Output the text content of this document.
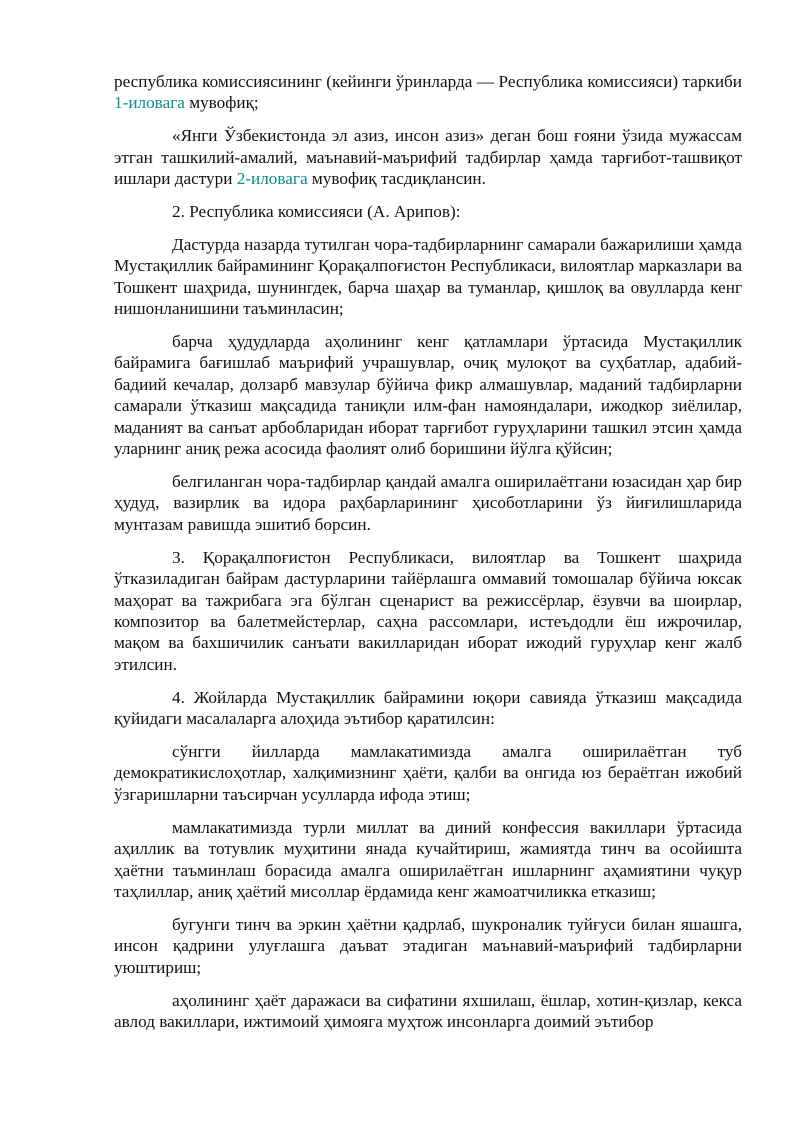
республика комиссиясининг (кейинги ўринларда — Республика комиссияси) таркиби 1-иловага мувофиқ;

«Янги Ўзбекистонда эл азиз, инсон азиз» деган бош ғояни ўзида мужассам этган ташкилий-амалий, маънавий-маърифий тадбирлар ҳамда тарғибот-ташвиқот ишлари дастури 2-иловага мувофиқ тасдиқлансин.

2. Республика комиссияси (А. Арипов):

Дастурда назарда тутилган чора-тадбирларнинг самарали бажарилиши ҳамда Мустақиллик байрамининг Қорақалпоғистон Республикаси, вилоятлар марказлари ва Тошкент шаҳрида, шунингдек, барча шаҳар ва туманлар, қишлоқ ва овулларда кенг нишонланишини таъминласин;

барча ҳудудларда аҳолининг кенг қатламлари ўртасида Мустақиллик байрамига бағишлаб маърифий учрашувлар, очиқ мулоқот ва суҳбатлар, адабий-бадиий кечалар, долзарб мавзулар бўйича фикр алмашувлар, маданий тадбирларни самарали ўтказиш мақсадида таниқли илм-фан намояндалари, ижодкор зиёлилар, маданият ва санъат арбобларидан иборат тарғибот гуруҳларини ташкил этсин ҳамда уларнинг аниқ режа асосида фаолият олиб боришини йўлга қўйсин;

белгиланган чора-тадбирлар қандай амалга оширилаётгани юзасидан ҳар бир ҳудуд, вазирлик ва идора раҳбарларининг ҳисоботларини ўз йиғилишларида мунтазам равишда эшитиб борсин.

3. Қорақалпоғистон Республикаси, вилоятлар ва Тошкент шаҳрида ўтказиладиган байрам дастурларини тайёрлашга оммавий томошалар бўйича юксак маҳорат ва тажрибага эга бўлган сценарист ва режиссёрлар, ёзувчи ва шоирлар, композитор ва балетмейстерлар, саҳна рассомлари, истеъдодли ёш ижрочилар, мақом ва бахшичилик санъати вакилларидан иборат ижодий гуруҳлар кенг жалб этилсин.

4. Жойларда Мустақиллик байрамини юқори савияда ўтказиш мақсадида қуйидаги масалаларга алоҳида эътибор қаратилсин:

сўнгги йилларда мамлакатимизда амалга оширилаётган туб демократикислоҳотлар, халқимизнинг ҳаёти, қалби ва онгида юз бераётган ижобий ўзгаришларни таъсирчан усулларда ифода этиш;

мамлакатимизда турли миллат ва диний конфессия вакиллари ўртасида аҳиллик ва тотувлик муҳитини янада кучайтириш, жамиятда тинч ва осойишта ҳаётни таъминлаш борасида амалга оширилаётган ишларнинг аҳамиятини чуқур таҳлиллар, аниқ ҳаётий мисоллар ёрдамида кенг жамоатчиликка етказиш;

бугунги тинч ва эркин ҳаётни қадрлаб, шукроналик туйғуси билан яшашга, инсон қадрини улуғлашга даъват этадиган маънавий-маърифий тадбирларни уюштириш;

аҳолининг ҳаёт даражаси ва сифатини яхшилаш, ёшлар, хотин-қизлар, кекса авлод вакиллари, ижтимоий ҳимояга муҳтож инсонларга доимий эътибор
